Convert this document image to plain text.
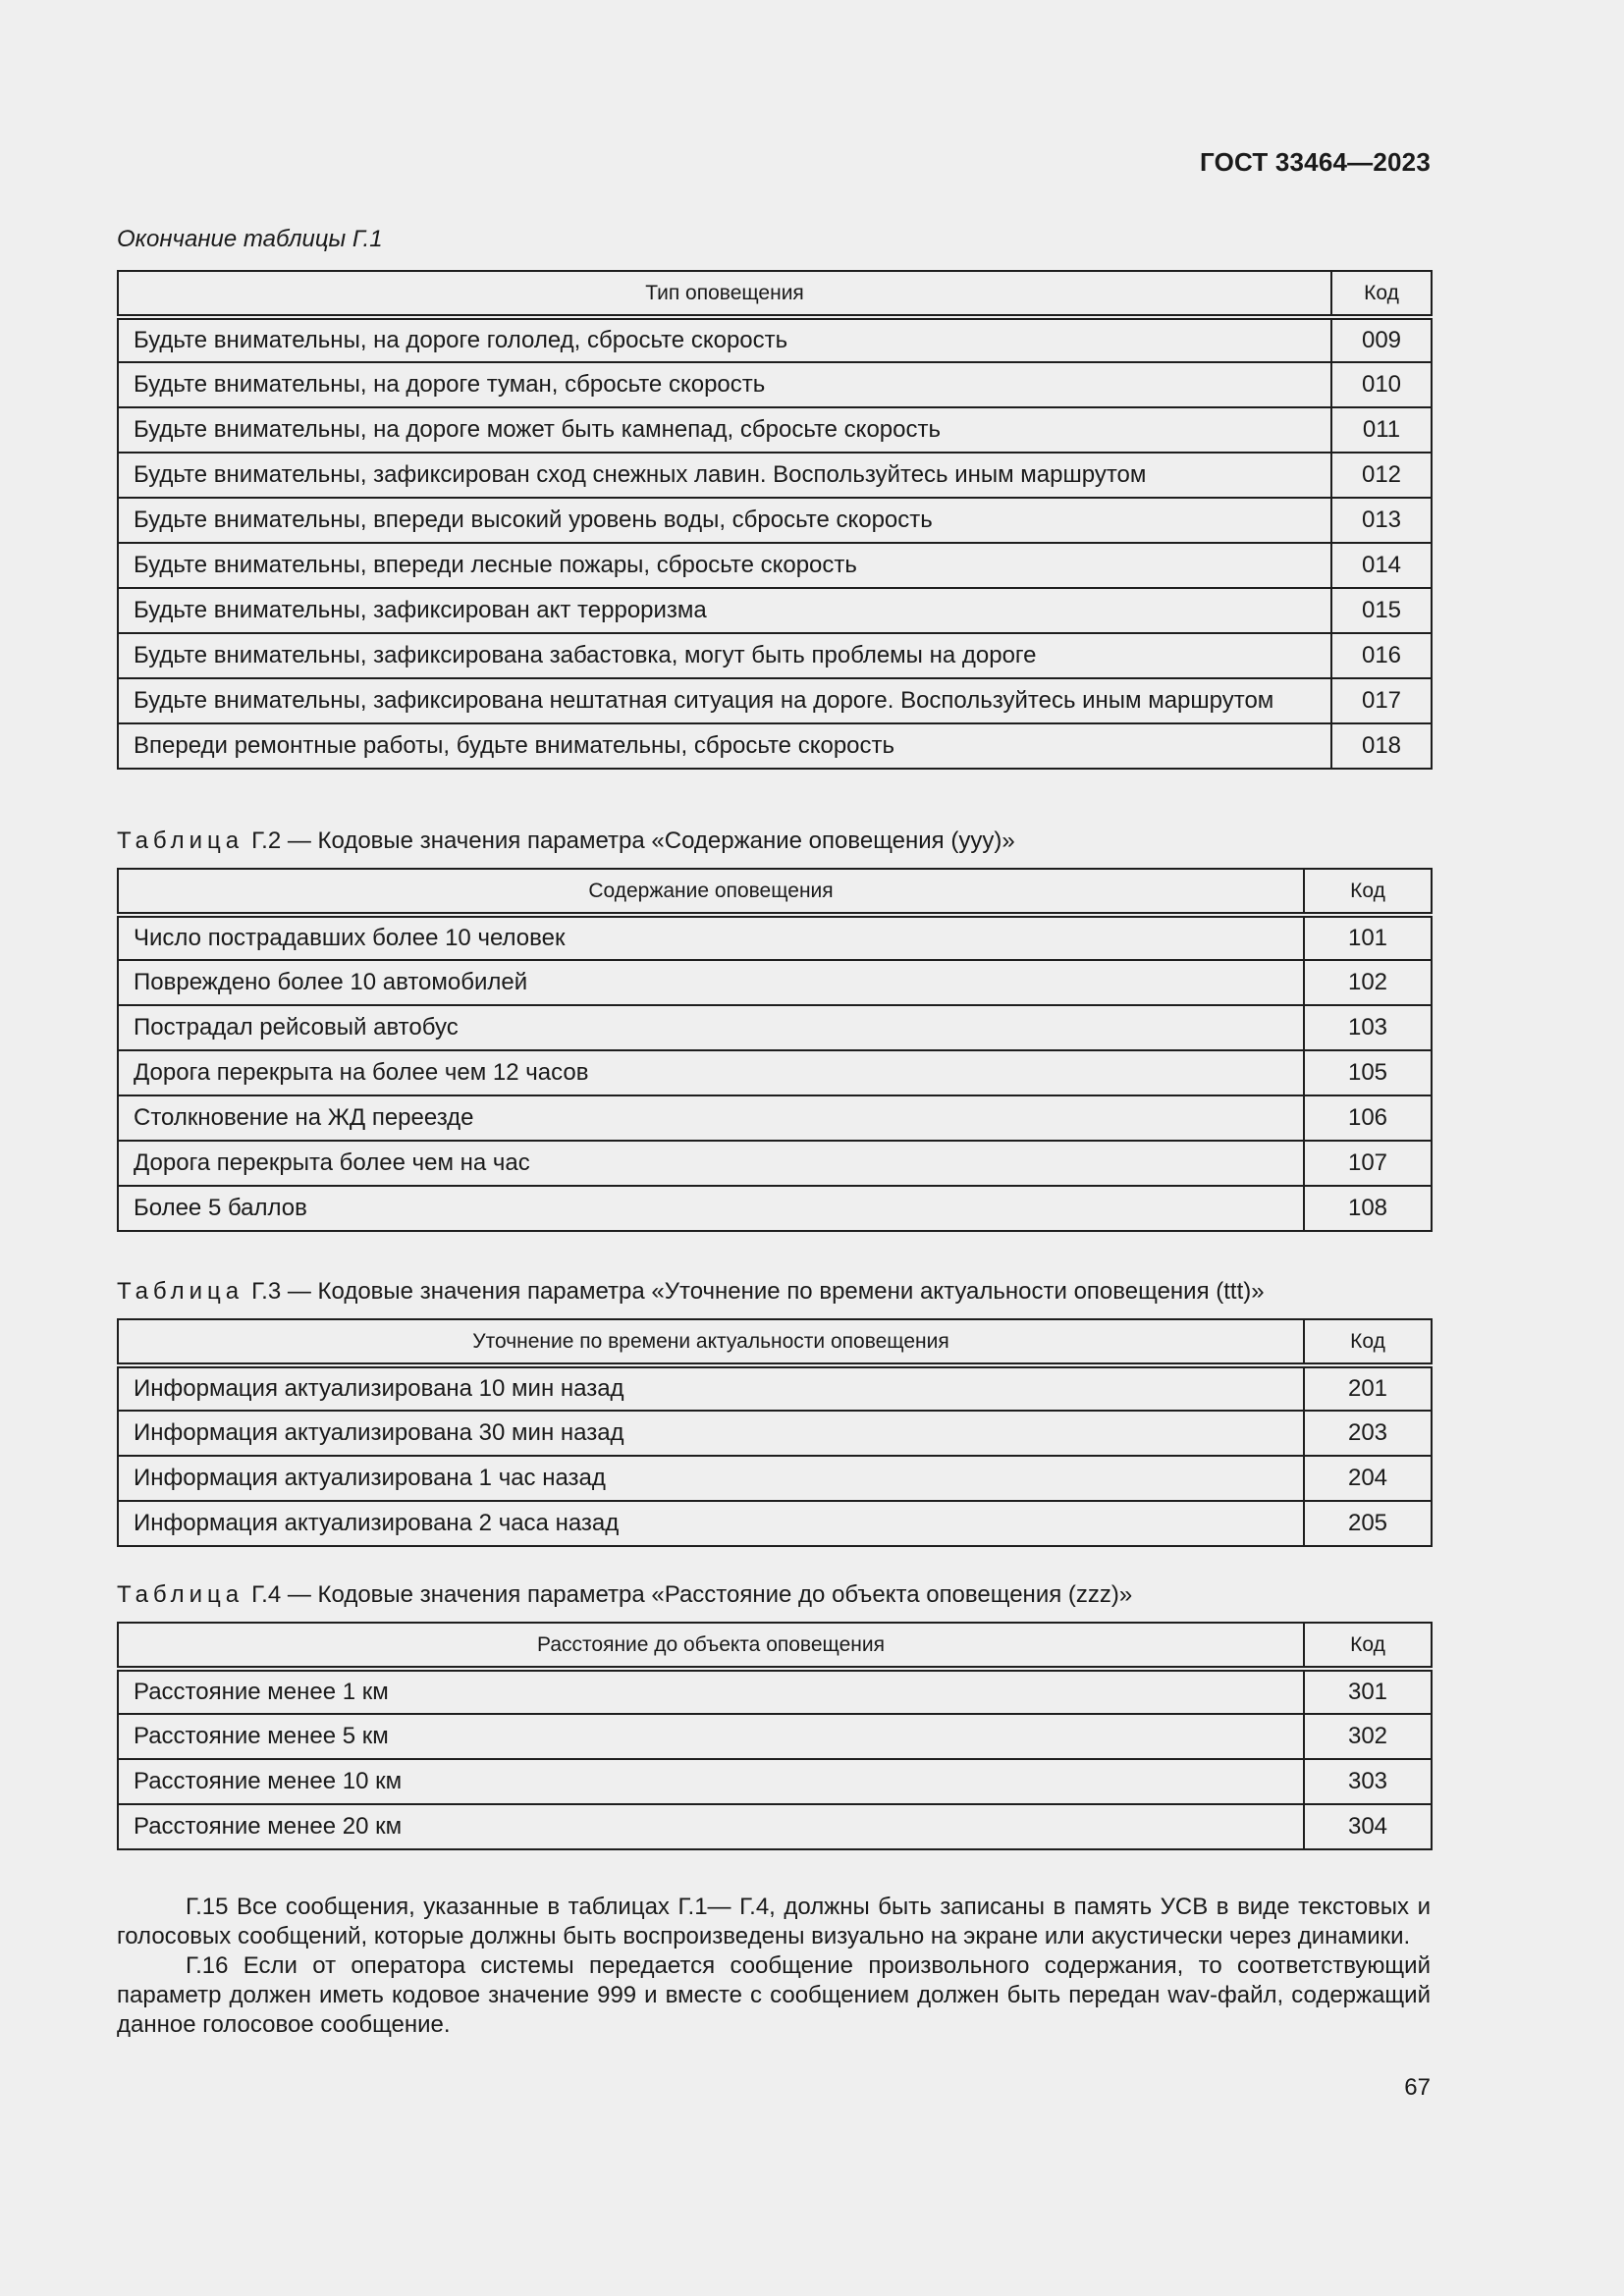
ГОСТ 33464—2023
Окончание таблицы Г.1
Тип оповещения	Код
Будьте внимательны, на дороге гололед, сбросьте скорость	009
Будьте внимательны, на дороге туман, сбросьте скорость	010
Будьте внимательны, на дороге может быть камнепад, сбросьте скорость	011
Будьте внимательны, зафиксирован сход снежных лавин. Воспользуйтесь иным маршрутом	012
Будьте внимательны, впереди высокий уровень воды, сбросьте скорость	013
Будьте внимательны, впереди лесные пожары, сбросьте скорость	014
Будьте внимательны, зафиксирован акт терроризма	015
Будьте внимательны, зафиксирована забастовка, могут быть проблемы на дороге	016
Будьте внимательны, зафиксирована нештатная ситуация на дороге. Воспользуйтесь иным маршрутом	017
Впереди ремонтные работы, будьте внимательны, сбросьте скорость	018
Таблица Г.2 — Кодовые значения параметра «Содержание оповещения (yyy)»
Содержание оповещения	Код
Число пострадавших более 10 человек	101
Повреждено более 10 автомобилей	102
Пострадал рейсовый автобус	103
Дорога перекрыта на более чем 12 часов	105
Столкновение на ЖД переезде	106
Дорога перекрыта более чем на час	107
Более 5 баллов	108
Таблица Г.3 — Кодовые значения параметра «Уточнение по времени актуальности оповещения (ttt)»
Уточнение по времени актуальности оповещения	Код
Информация актуализирована 10 мин назад	201
Информация актуализирована 30 мин назад	203
Информация актуализирована 1 час назад	204
Информация актуализирована 2 часа назад	205
Таблица Г.4 — Кодовые значения параметра «Расстояние до объекта оповещения (zzz)»
Расстояние до объекта оповещения	Код
Расстояние менее 1 км	301
Расстояние менее 5 км	302
Расстояние менее 10 км	303
Расстояние менее 20 км	304

Г.15 Все сообщения, указанные в таблицах Г.1— Г.4, должны быть записаны в память УСВ в виде текстовых и голосовых сообщений, которые должны быть воспроизведены визуально на экране или акустически через динамики.

Г.16 Если от оператора системы передается сообщение произвольного содержания, то соответствующий параметр должен иметь кодовое значение 999 и вместе с сообщением должен быть передан wav-файл, содержащий данное голосовое сообщение.

67
